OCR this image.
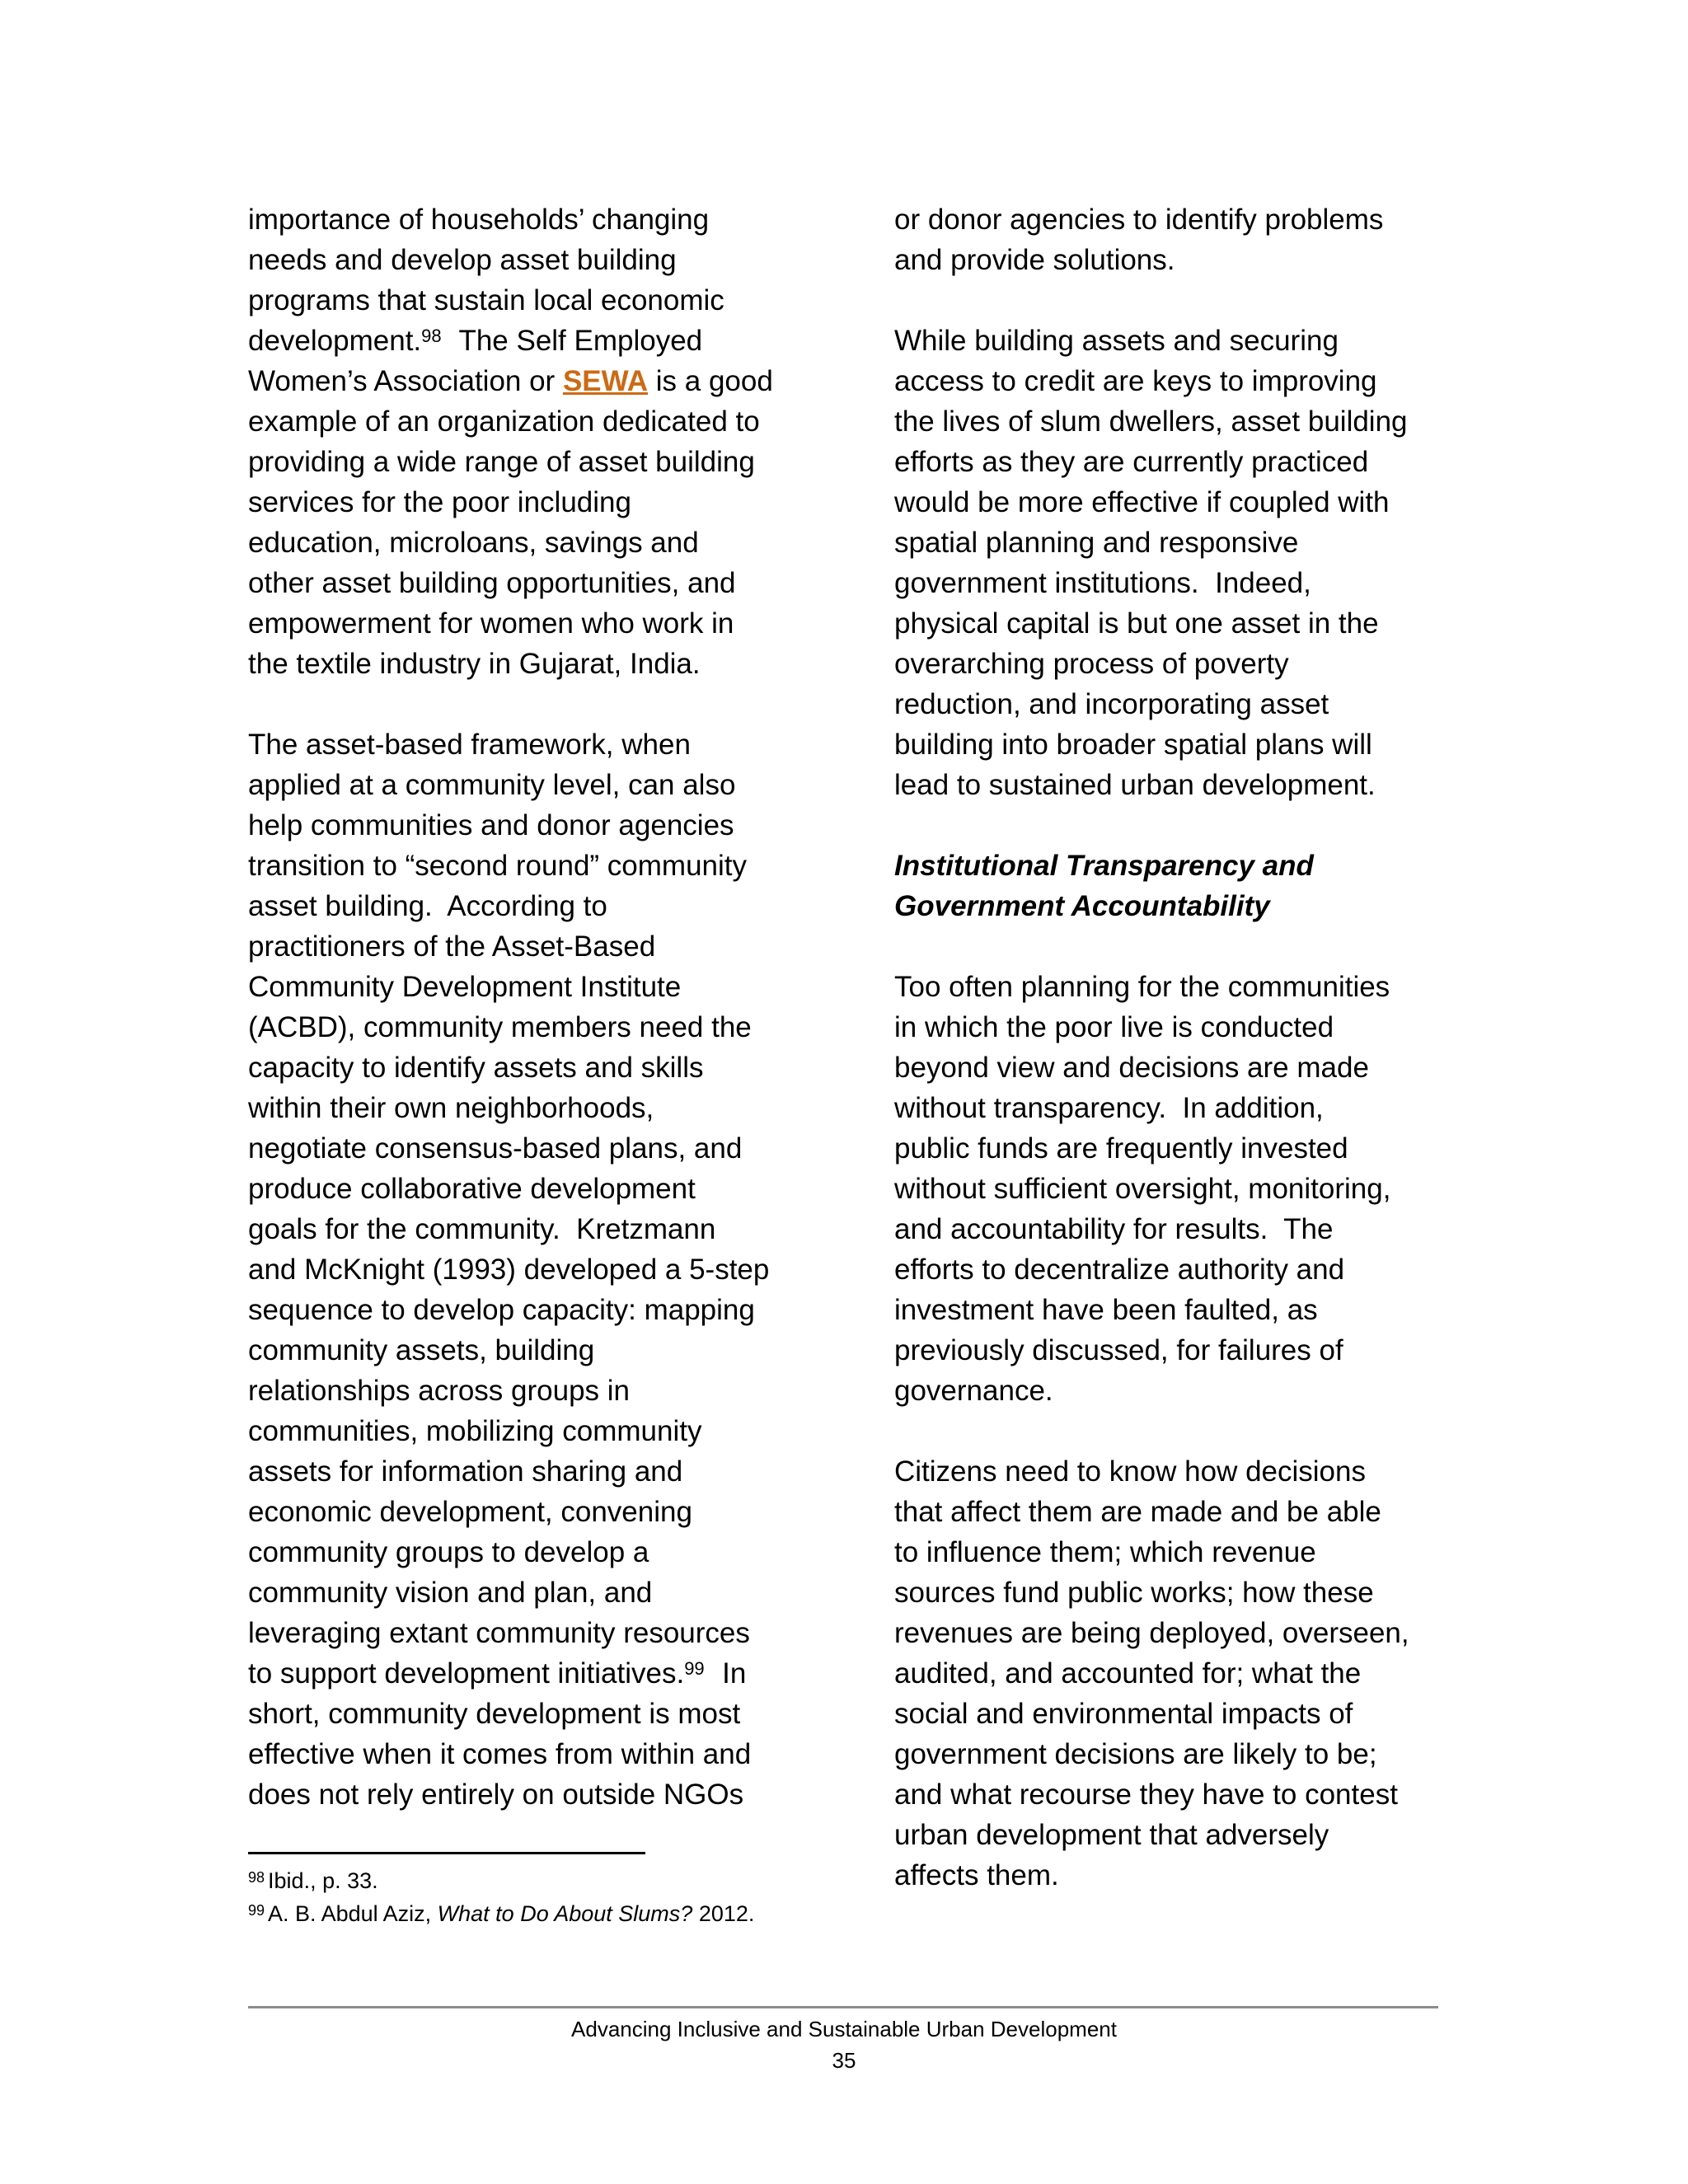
importance of households’ changing
needs and develop asset building
programs that sustain local economic
development.$^{98}$  The Self Employed
Women’s Association or SEWA is a good
example of an organization dedicated to
providing a wide range of asset building
services for the poor including
education, microloans, savings and
other asset building opportunities, and
empowerment for women who work in
the textile industry in Gujarat, India.
The asset-based framework, when
applied at a community level, can also
help communities and donor agencies
transition to “second round” community
asset building.  According to
practitioners of the Asset-Based
Community Development Institute
(ACBD), community members need the
capacity to identify assets and skills
within their own neighborhoods,
negotiate consensus-based plans, and
produce collaborative development
goals for the community.  Kretzmann
and McKnight (1993) developed a 5-step
sequence to develop capacity: mapping
community assets, building
relationships across groups in
communities, mobilizing community
assets for information sharing and
economic development, convening
community groups to develop a
community vision and plan, and
leveraging extant community resources
to support development initiatives.$^{99}$  In
short, community development is most
effective when it comes from within and
does not rely entirely on outside NGOs
or donor agencies to identify problems
and provide solutions.
While building assets and securing
access to credit are keys to improving
the lives of slum dwellers, asset building
efforts as they are currently practiced
would be more effective if coupled with
spatial planning and responsive
government institutions.  Indeed,
physical capital is but one asset in the
overarching process of poverty
reduction, and incorporating asset
building into broader spatial plans will
lead to sustained urban development.
Institutional Transparency and
Government Accountability
Too often planning for the communities
in which the poor live is conducted
beyond view and decisions are made
without transparency.  In addition,
public funds are frequently invested
without sufficient oversight, monitoring,
and accountability for results.  The
efforts to decentralize authority and
investment have been faulted, as
previously discussed, for failures of
governance.
Citizens need to know how decisions
that affect them are made and be able
to influence them; which revenue
sources fund public works; how these
revenues are being deployed, overseen,
audited, and accounted for; what the
social and environmental impacts of
government decisions are likely to be;
and what recourse they have to contest
urban development that adversely
affects them.
$^{98}$ Ibid., p. 33.
$^{99}$ A. B. Abdul Aziz, What to Do About Slums? 2012.
Advancing Inclusive and Sustainable Urban Development
35
